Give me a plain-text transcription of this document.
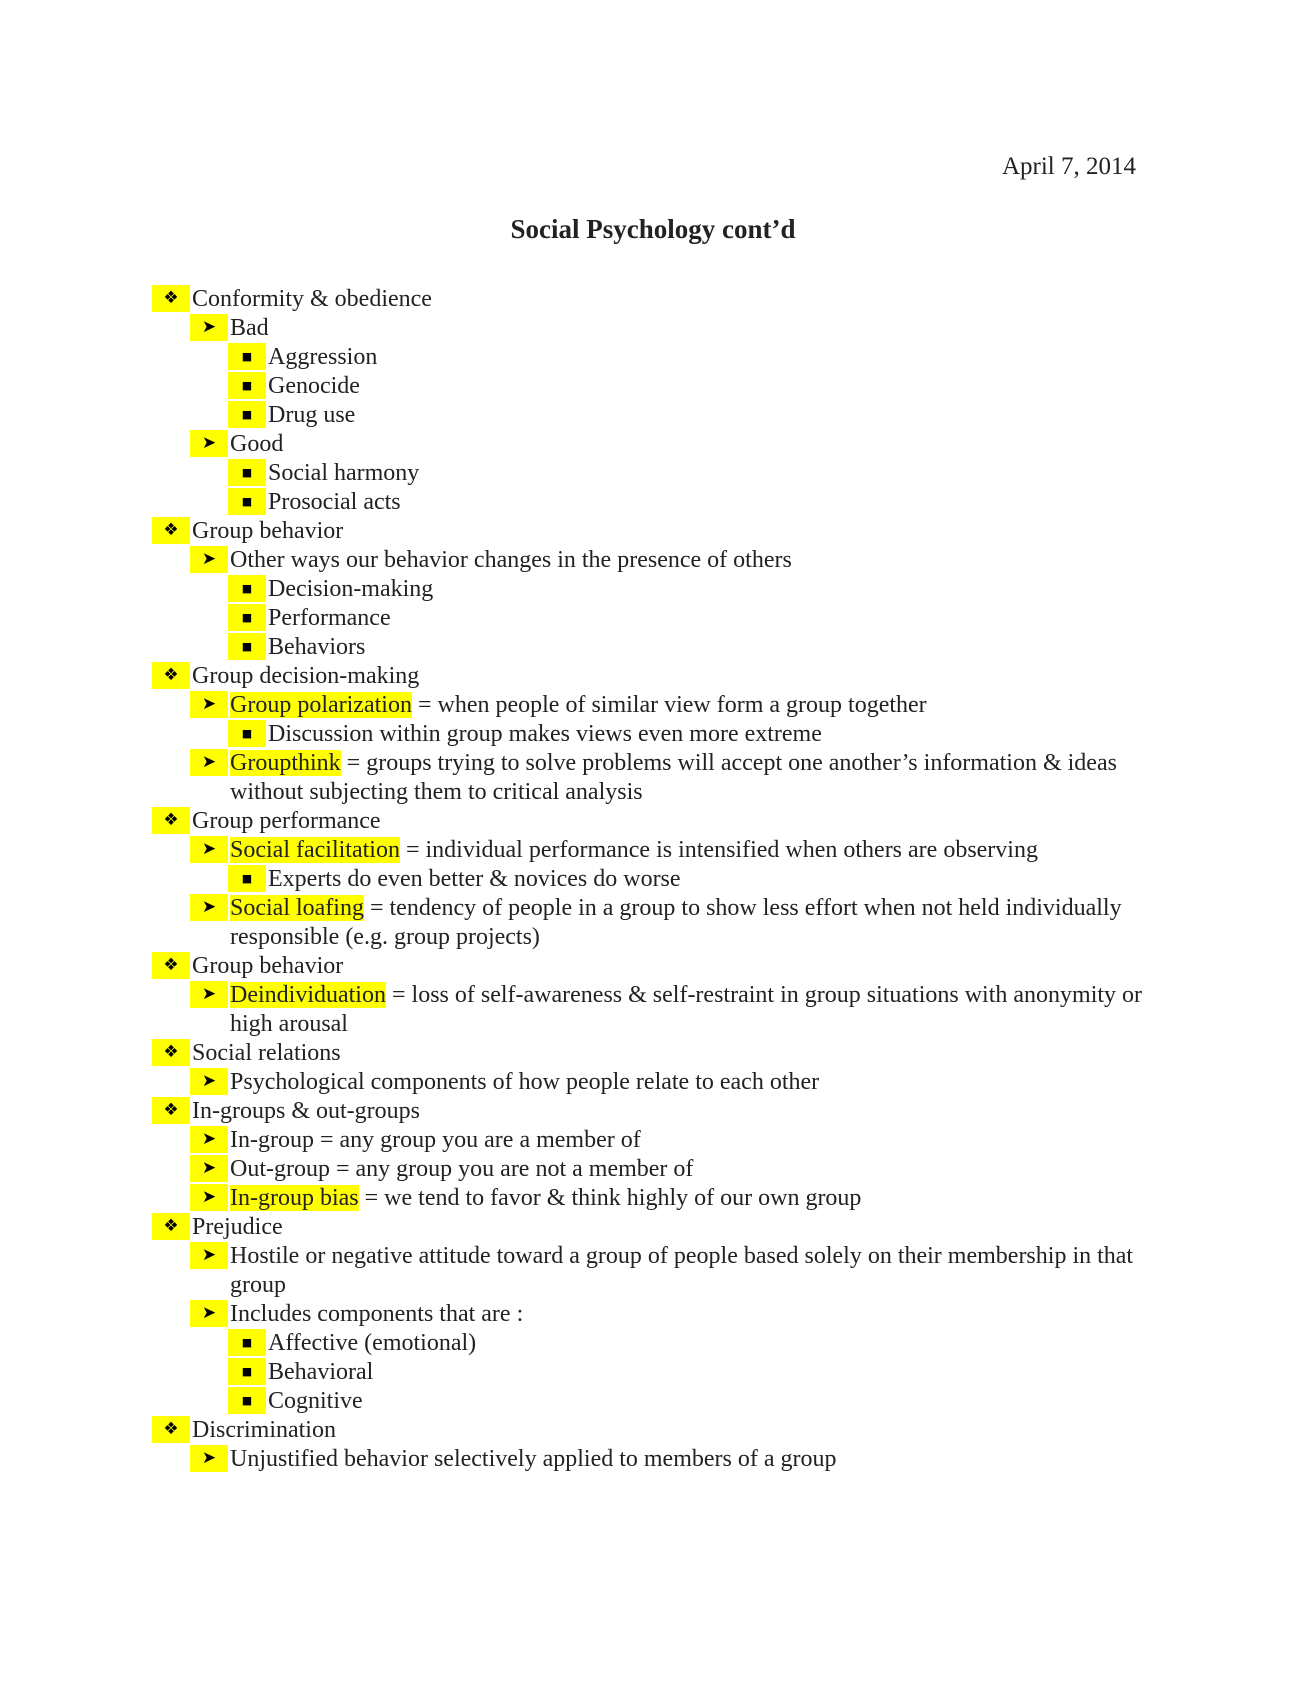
April 7, 2014
Social Psychology cont’d
❖ Conformity & obedience
➤ Bad
■ Aggression
■ Genocide
■ Drug use
➤ Good
■ Social harmony
■ Prosocial acts
❖ Group behavior
➤ Other ways our behavior changes in the presence of others
■ Decision-making
■ Performance
■ Behaviors
❖ Group decision-making
➤ Group polarization = when people of similar view form a group together
■ Discussion within group makes views even more extreme
➤ Groupthink = groups trying to solve problems will accept one another’s information & ideas without subjecting them to critical analysis
❖ Group performance
➤ Social facilitation = individual performance is intensified when others are observing
■ Experts do even better & novices do worse
➤ Social loafing = tendency of people in a group to show less effort when not held individually responsible (e.g. group projects)
❖ Group behavior
➤ Deindividuation = loss of self-awareness & self-restraint in group situations with anonymity or high arousal
❖ Social relations
➤ Psychological components of how people relate to each other
❖ In-groups & out-groups
➤ In-group = any group you are a member of
➤ Out-group = any group you are not a member of
➤ In-group bias = we tend to favor & think highly of our own group
❖ Prejudice
➤ Hostile or negative attitude toward a group of people based solely on their membership in that group
➤ Includes components that are :
■ Affective (emotional)
■ Behavioral
■ Cognitive
❖ Discrimination
➤ Unjustified behavior selectively applied to members of a group
